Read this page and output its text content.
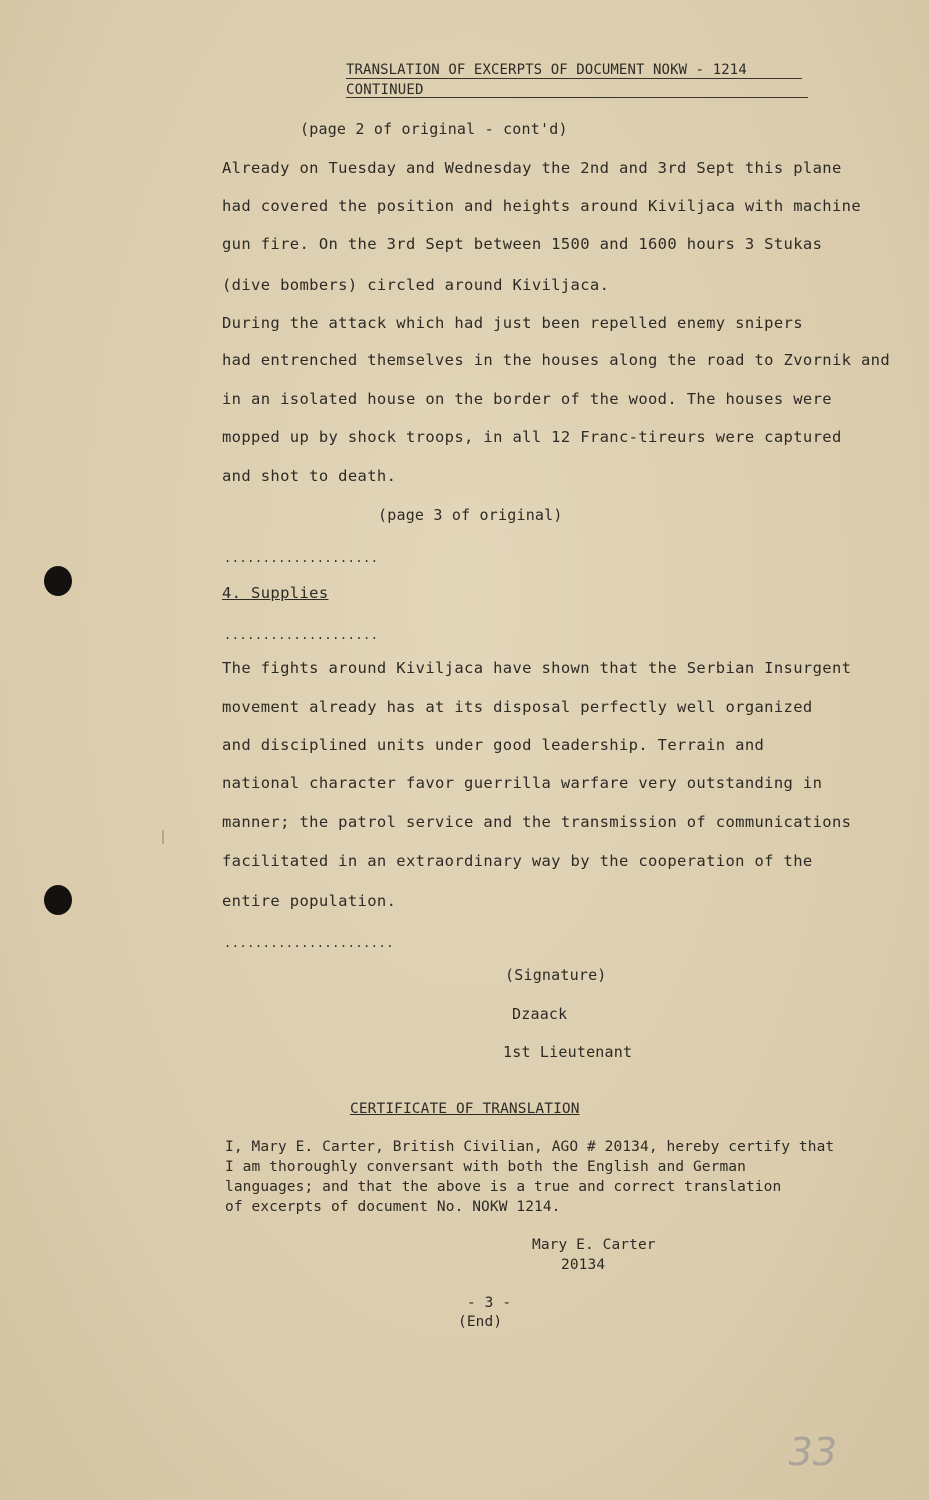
TRANSLATION OF EXCERPTS OF DOCUMENT NOKW - 1214
CONTINUED
(page 2 of original - cont'd)
Already on Tuesday and Wednesday the 2nd and 3rd Sept this plane
had covered the position and heights around Kiviljaca with machine
gun fire. On the 3rd Sept between 1500 and 1600 hours 3 Stukas
(dive bombers) circled around Kiviljaca.
During the attack which had just been repelled enemy snipers
had entrenched themselves in the houses along the road to Zvornik and
in an isolated house on the border of the wood. The houses were
mopped up by shock troops, in all 12 Franc-tireurs were captured
and shot to death.
(page 3 of original)
....................
4. Supplies
....................
The fights around Kiviljaca have shown that the Serbian Insurgent
movement already has at its disposal perfectly well organized
and disciplined units under good leadership. Terrain and
national character favor guerrilla warfare very outstanding in
manner; the patrol service and the transmission of communications
facilitated in an extraordinary way by the cooperation of the
entire population.
......................
(Signature)
Dzaack
1st Lieutenant
CERTIFICATE OF TRANSLATION
I, Mary E. Carter, British Civilian, AGO # 20134, hereby certify that
I am thoroughly conversant with both the English and German
languages; and that the above is a true and correct translation
of excerpts of document No. NOKW 1214.
Mary E. Carter
20134
- 3 -
(End)
33
